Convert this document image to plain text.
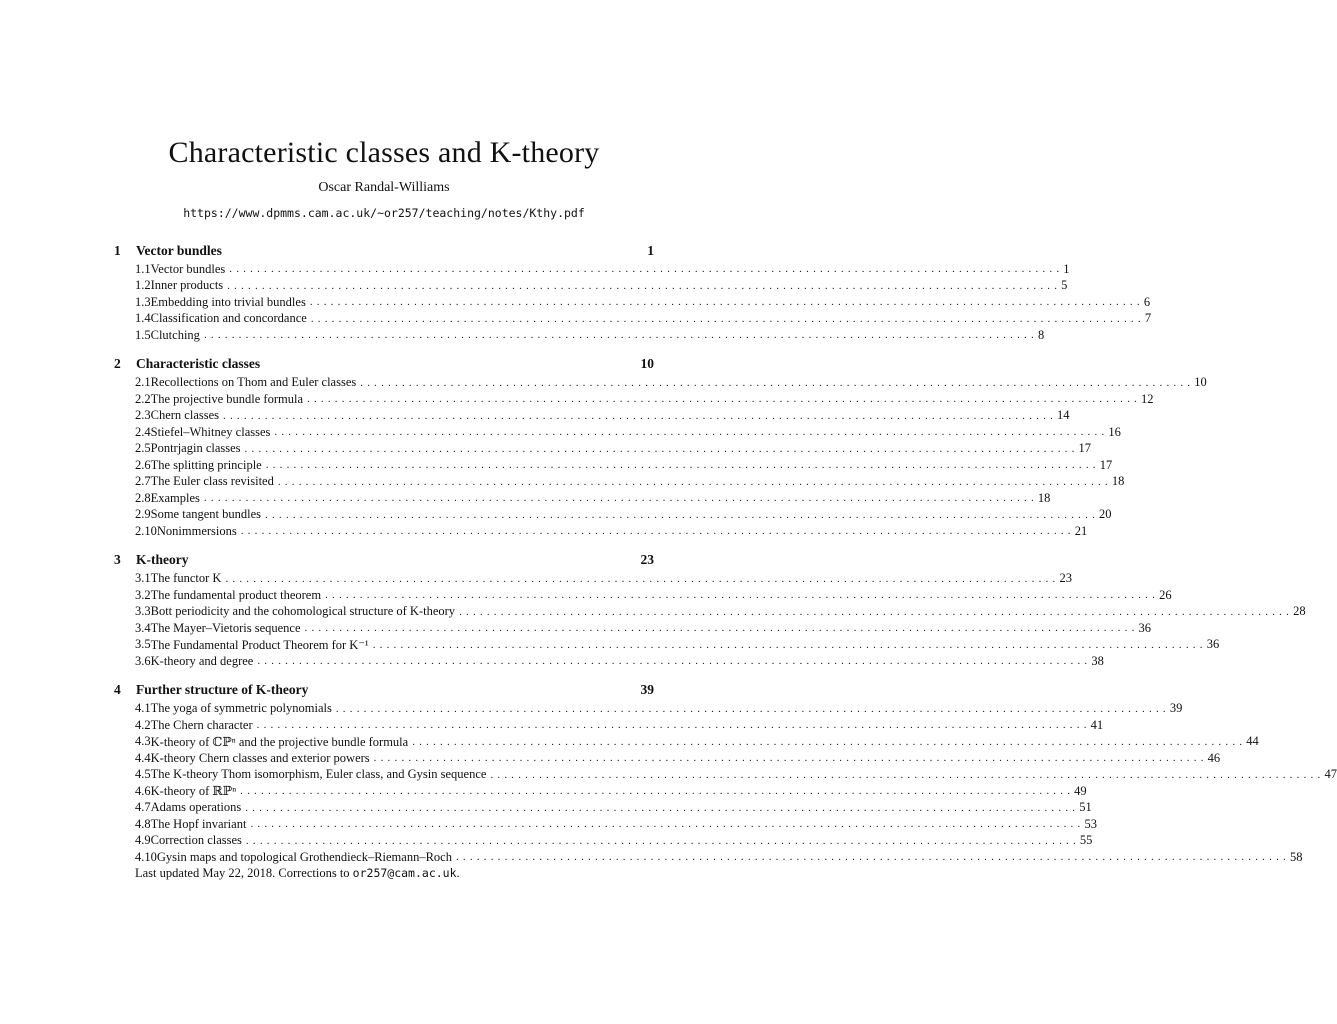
Characteristic classes and K-theory
Oscar Randal-Williams
https://www.dpmms.cam.ac.uk/~or257/teaching/notes/Kthy.pdf
1	Vector bundles	1
1.1 Vector bundles ........................................................................................................................ 1
1.2 Inner products ........................................................................................................................ 5
1.3 Embedding into trivial bundles ........................................................................................................................ 6
1.4 Classification and concordance ........................................................................................................................ 7
1.5 Clutching ........................................................................................................................ 8
2	Characteristic classes	10
2.1 Recollections on Thom and Euler classes ........................................................................................................................ 10
2.2 The projective bundle formula ........................................................................................................................ 12
2.3 Chern classes ........................................................................................................................ 14
2.4 Stiefel–Whitney classes ........................................................................................................................ 16
2.5 Pontrjagin classes ........................................................................................................................ 17
2.6 The splitting principle ........................................................................................................................ 17
2.7 The Euler class revisited ........................................................................................................................ 18
2.8 Examples ........................................................................................................................ 18
2.9 Some tangent bundles ........................................................................................................................ 20
2.10 Nonimmersions ........................................................................................................................ 21
3	K-theory	23
3.1 The functor K ........................................................................................................................ 23
3.2 The fundamental product theorem ........................................................................................................................ 26
3.3 Bott periodicity and the cohomological structure of K-theory ........................................................................................................................ 28
3.4 The Mayer–Vietoris sequence ........................................................................................................................ 36
3.5 The Fundamental Product Theorem for K⁻¹ ........................................................................................................................ 36
3.6 K-theory and degree ........................................................................................................................ 38
4	Further structure of K-theory	39
4.1 The yoga of symmetric polynomials ........................................................................................................................ 39
4.2 The Chern character ........................................................................................................................ 41
4.3 K-theory of ℂℙⁿ and the projective bundle formula ........................................................................................................................ 44
4.4 K-theory Chern classes and exterior powers ........................................................................................................................ 46
4.5 The K-theory Thom isomorphism, Euler class, and Gysin sequence ........................................................................................................................ 47
4.6 K-theory of ℝℙⁿ ........................................................................................................................ 49
4.7 Adams operations ........................................................................................................................ 51
4.8 The Hopf invariant ........................................................................................................................ 53
4.9 Correction classes ........................................................................................................................ 55
4.10 Gysin maps and topological Grothendieck–Riemann–Roch ........................................................................................................................ 58
Last updated May 22, 2018. Corrections to or257@cam.ac.uk.
